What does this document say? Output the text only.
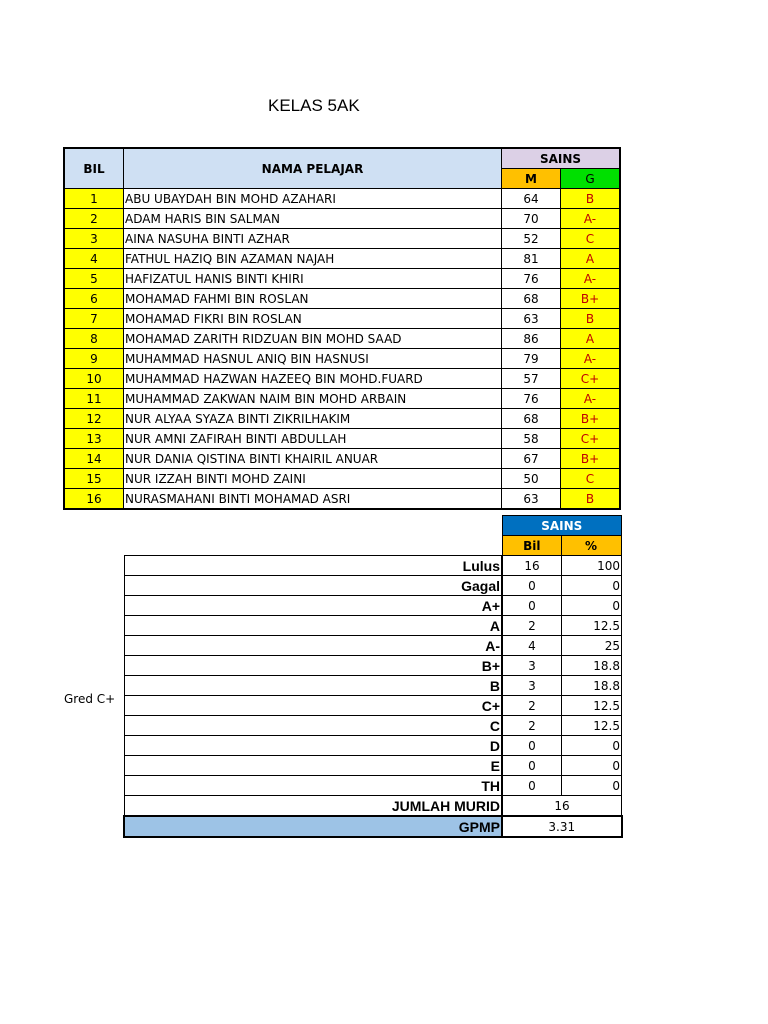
KELAS 5AK
BIL	NAMA PELAJAR	SAINS	
		M	G
1	ABU UBAYDAH BIN MOHD AZAHARI	64	B
2	ADAM HARIS BIN SALMAN	70	A-
3	AINA NASUHA BINTI AZHAR	52	C
4	FATHUL HAZIQ BIN AZAMAN NAJAH	81	A
5	HAFIZATUL HANIS BINTI KHIRI	76	A-
6	MOHAMAD FAHMI BIN ROSLAN	68	B+
7	MOHAMAD FIKRI BIN ROSLAN	63	B
8	MOHAMAD ZARITH RIDZUAN BIN MOHD SAAD	86	A
9	MUHAMMAD HASNUL ANIQ BIN HASNUSI	79	A-
10	MUHAMMAD HAZWAN HAZEEQ BIN MOHD.FUARD	57	C+
11	MUHAMMAD ZAKWAN NAIM BIN MOHD ARBAIN	76	A-
12	NUR ALYAA SYAZA BINTI ZIKRILHAKIM	68	B+
13	NUR AMNI ZAFIRAH BINTI ABDULLAH	58	C+
14	NUR DANIA QISTINA BINTI KHAIRIL ANUAR	67	B+
15	NUR IZZAH BINTI MOHD ZAINI	50	C
16	NURASMAHANI BINTI MOHAMAD ASRI	63	B
	SAINS	
	Bil	%
Lulus	16	100
Gagal	0	0
A+	0	0
A	2	12.5
A-	4	25
B+	3	18.8
B	3	18.8
C+	2	12.5
C	2	12.5
D	0	0
E	0	0
TH	0	0
JUMLAH MURID	16	
GPMP	3.31	
Gred C+
